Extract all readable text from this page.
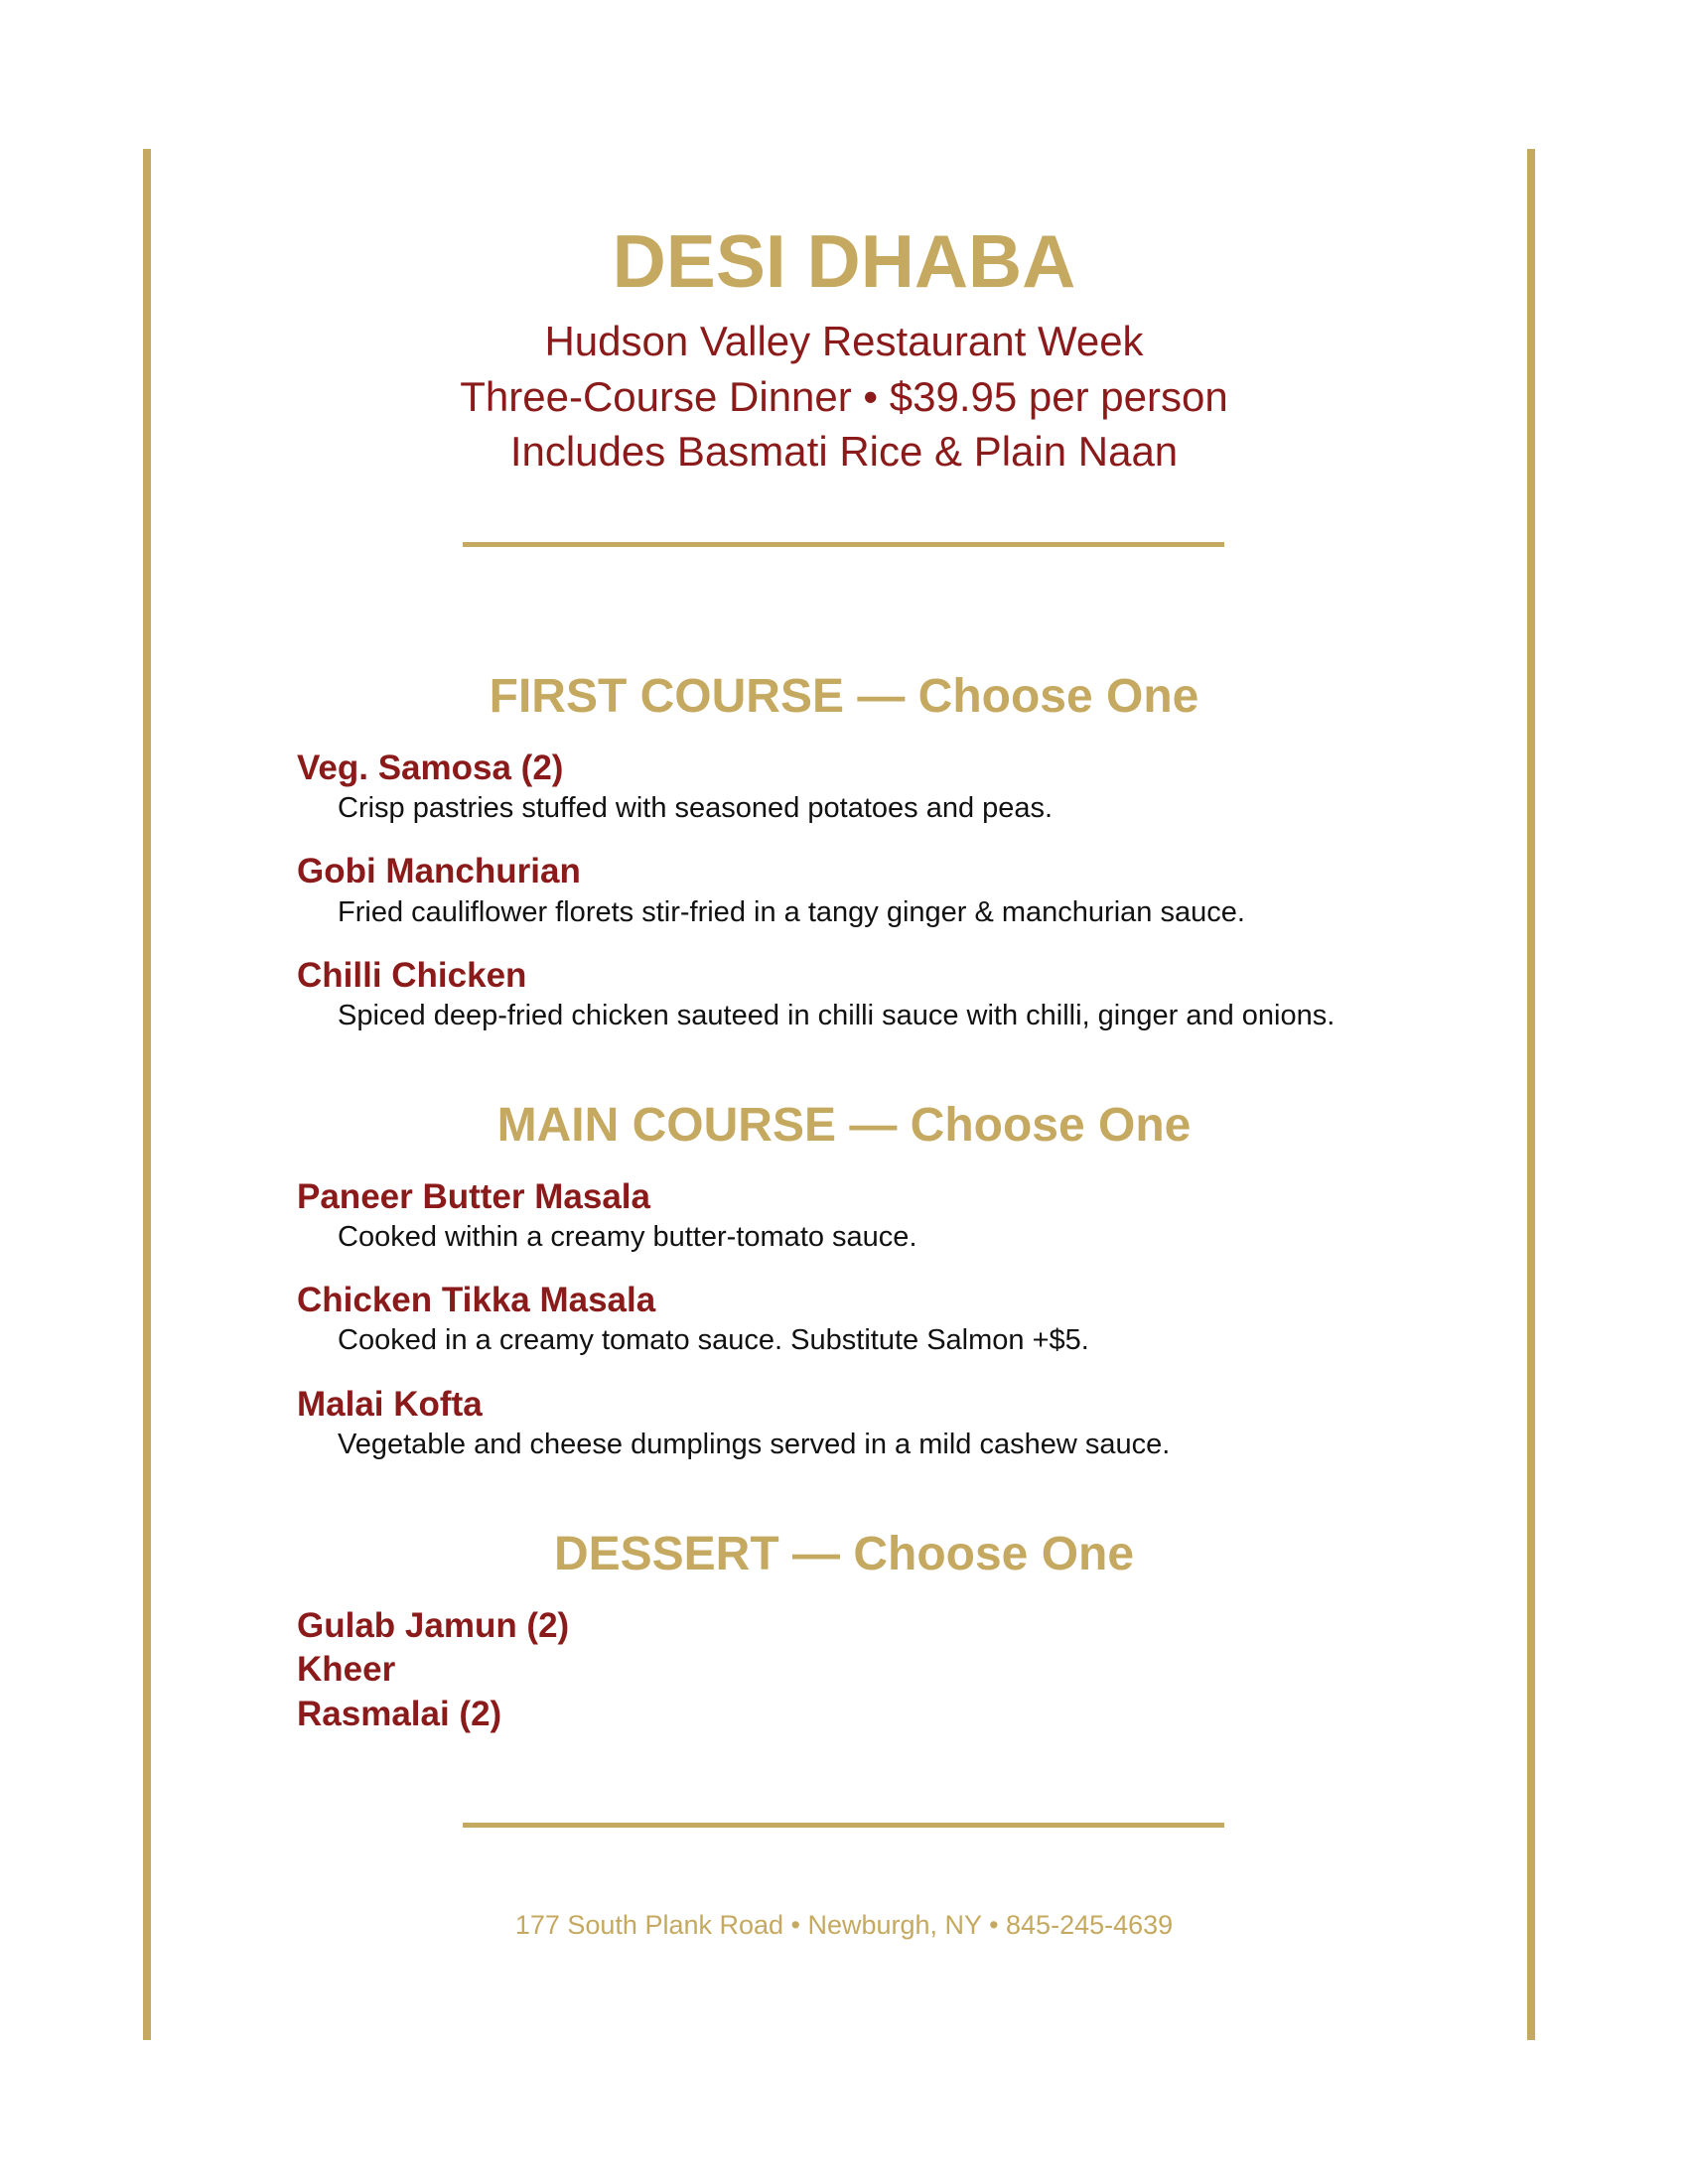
DESI DHABA
Hudson Valley Restaurant Week
Three-Course Dinner • $39.95 per person
Includes Basmati Rice & Plain Naan
FIRST COURSE — Choose One
Veg. Samosa (2)
Crisp pastries stuffed with seasoned potatoes and peas.
Gobi Manchurian
Fried cauliflower florets stir-fried in a tangy ginger & manchurian sauce.
Chilli Chicken
Spiced deep-fried chicken sauteed in chilli sauce with chilli, ginger and onions.
MAIN COURSE — Choose One
Paneer Butter Masala
Cooked within a creamy butter-tomato sauce.
Chicken Tikka Masala
Cooked in a creamy tomato sauce. Substitute Salmon +$5.
Malai Kofta
Vegetable and cheese dumplings served in a mild cashew sauce.
DESSERT — Choose One
Gulab Jamun (2)
Kheer
Rasmalai (2)
177 South Plank Road • Newburgh, NY • 845-245-4639
